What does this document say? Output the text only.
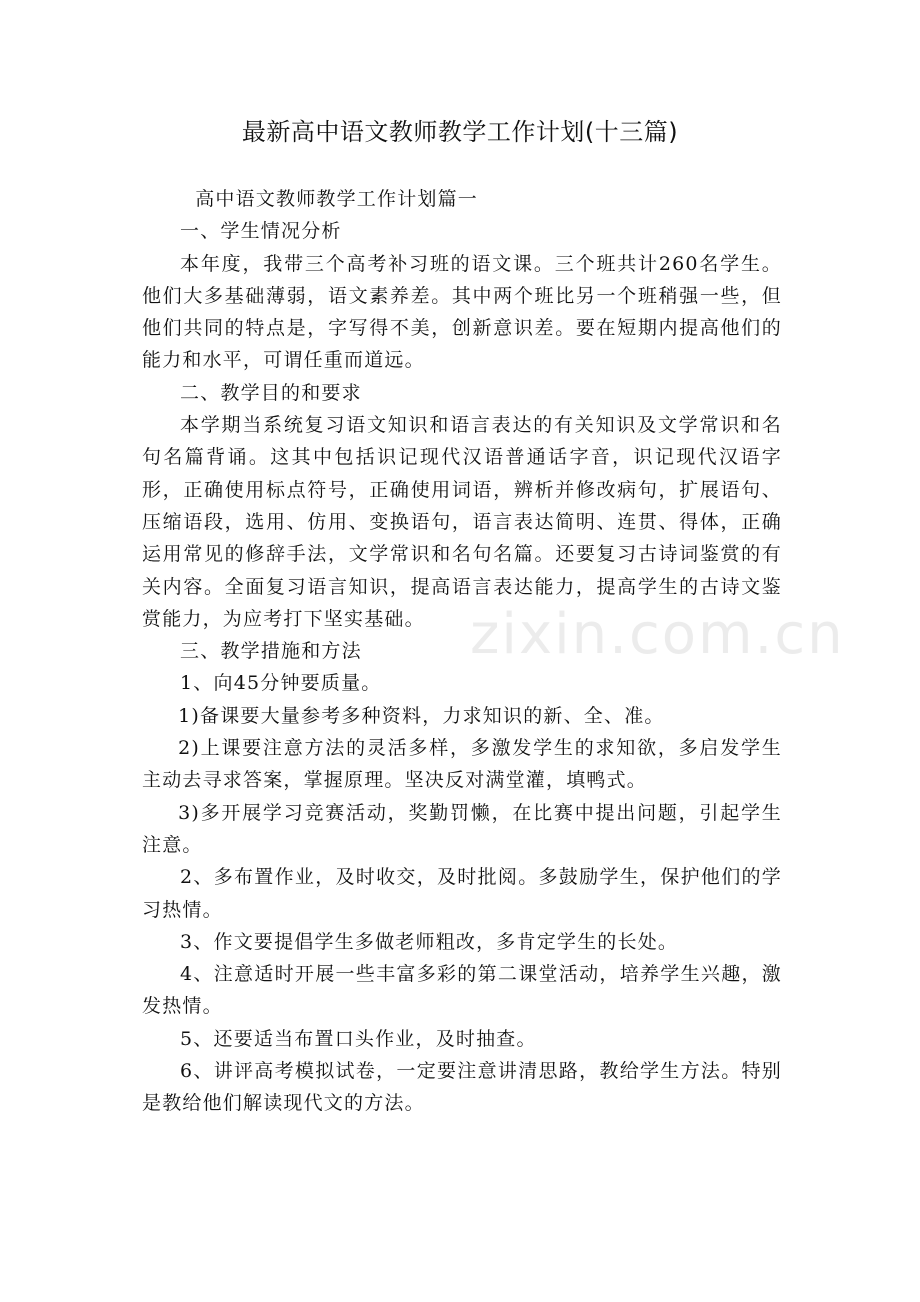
最新高中语文教师教学工作计划(十三篇)

高中语文教师教学工作计划篇一

一、学生情况分析

本年度，我带三个高考补习班的语文课。三个班共计260名学生。他们大多基础薄弱，语文素养差。其中两个班比另一个班稍强一些，但他们共同的特点是，字写得不美，创新意识差。要在短期内提高他们的能力和水平，可谓任重而道远。

二、教学目的和要求

本学期当系统复习语文知识和语言表达的有关知识及文学常识和名句名篇背诵。这其中包括识记现代汉语普通话字音，识记现代汉语字形，正确使用标点符号，正确使用词语，辨析并修改病句，扩展语句、压缩语段，选用、仿用、变换语句，语言表达简明、连贯、得体，正确运用常见的修辞手法，文学常识和名句名篇。还要复习古诗词鉴赏的有关内容。全面复习语言知识，提高语言表达能力，提高学生的古诗文鉴赏能力，为应考打下坚实基础。

三、教学措施和方法

1、向45分钟要质量。

1)备课要大量参考多种资料，力求知识的新、全、准。

2)上课要注意方法的灵活多样，多激发学生的求知欲，多启发学生主动去寻求答案，掌握原理。坚决反对满堂灌，填鸭式。

3)多开展学习竞赛活动，奖勤罚懒，在比赛中提出问题，引起学生注意。

2、多布置作业，及时收交，及时批阅。多鼓励学生，保护他们的学习热情。

3、作文要提倡学生多做老师粗改，多肯定学生的长处。

4、注意适时开展一些丰富多彩的第二课堂活动，培养学生兴趣，激发热情。

5、还要适当布置口头作业，及时抽查。

6、讲评高考模拟试卷，一定要注意讲清思路，教给学生方法。特别是教给他们解读现代文的方法。

zixin.com.cn
